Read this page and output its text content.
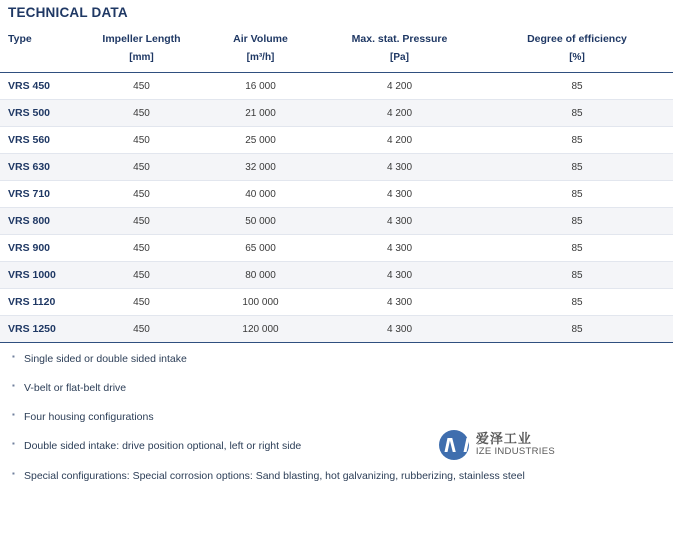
TECHNICAL DATA
Type	Impeller Length	Air Volume	Max. stat. Pressure	Degree of efficiency
	[mm]	[m³/h]	[Pa]	[%]
VRS 450	450	16 000	4 200	85
VRS 500	450	21 000	4 200	85
VRS 560	450	25 000	4 200	85
VRS 630	450	32 000	4 300	85
VRS 710	450	40 000	4 300	85
VRS 800	450	50 000	4 300	85
VRS 900	450	65 000	4 300	85
VRS 1000	450	80 000	4 300	85
VRS 1120	450	100 000	4 300	85
VRS 1250	450	120 000	4 300	85

▪ Single sided or double sided intake

▪ V-belt or flat-belt drive

▪ Four housing configurations

▪ Double sided intake: drive position optional, left or right side

▪ Special configurations: Special corrosion options: Sand blasting, hot galvanizing, rubberizing, stainless steel

爱泽工业
IZE INDUSTRIES
